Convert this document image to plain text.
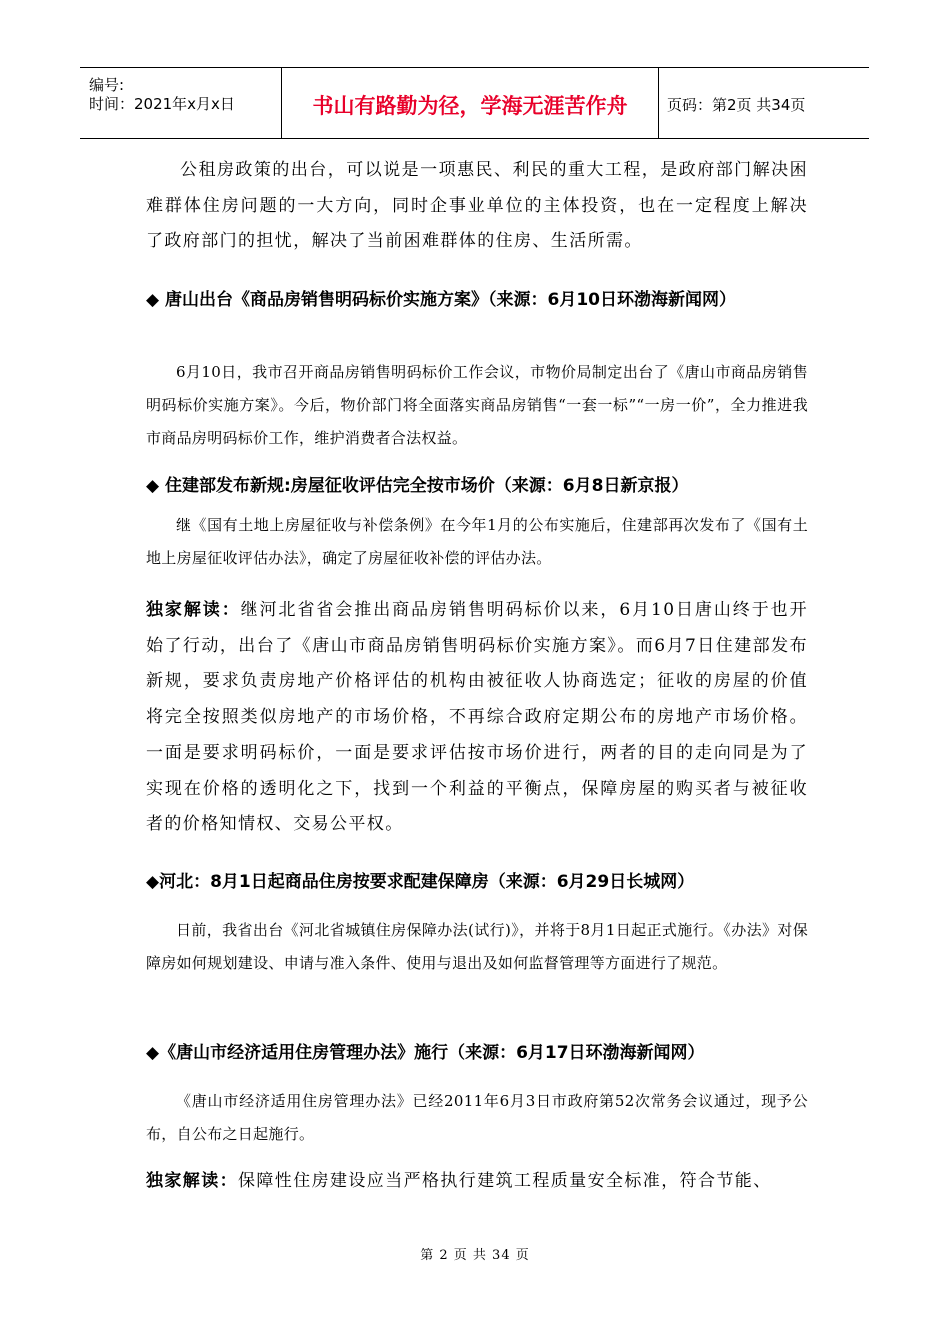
编号:
时间：2021年x月x日	书山有路勤为径，学海无涯苦作舟	页码：第2页 共34页
公租房政策的出台，可以说是一项惠民、利民的重大工程，是政府部门解决困难群体住房问题的一大方向，同时企事业单位的主体投资，也在一定程度上解决了政府部门的担忧，解决了当前困难群体的住房、生活所需。
◆ 唐山出台《商品房销售明码标价实施方案》（来源：6月10日环渤海新闻网）
6月10日，我市召开商品房销售明码标价工作会议，市物价局制定出台了《唐山市商品房销售明码标价实施方案》。今后，物价部门将全面落实商品房销售“一套一标”“一房一价”，全力推进我市商品房明码标价工作，维护消费者合法权益。
◆ 住建部发布新规:房屋征收评估完全按市场价（来源：6月8日新京报）
继《国有土地上房屋征收与补偿条例》在今年1月的公布实施后，住建部再次发布了《国有土地上房屋征收评估办法》，确定了房屋征收补偿的评估办法。
独家解读：继河北省省会推出商品房销售明码标价以来，6月10日唐山终于也开始了行动，出台了《唐山市商品房销售明码标价实施方案》。而6月7日住建部发布新规，要求负责房地产价格评估的机构由被征收人协商选定；征收的房屋的价值将完全按照类似房地产的市场价格，不再综合政府定期公布的房地产市场价格。一面是要求明码标价，一面是要求评估按市场价进行，两者的目的走向同是为了实现在价格的透明化之下，找到一个利益的平衡点，保障房屋的购买者与被征收者的价格知情权、交易公平权。
◆河北：8月1日起商品住房按要求配建保障房（来源：6月29日长城网）
日前，我省出台《河北省城镇住房保障办法(试行)》，并将于8月1日起正式施行。《办法》对保障房如何规划建设、申请与准入条件、使用与退出及如何监督管理等方面进行了规范。
◆《唐山市经济适用住房管理办法》施行（来源：6月17日环渤海新闻网）
《唐山市经济适用住房管理办法》已经2011年6月3日市政府第52次常务会议通过，现予公布，自公布之日起施行。
独家解读：保障性住房建设应当严格执行建筑工程质量安全标准，符合节能、
第 2 页 共 34 页
